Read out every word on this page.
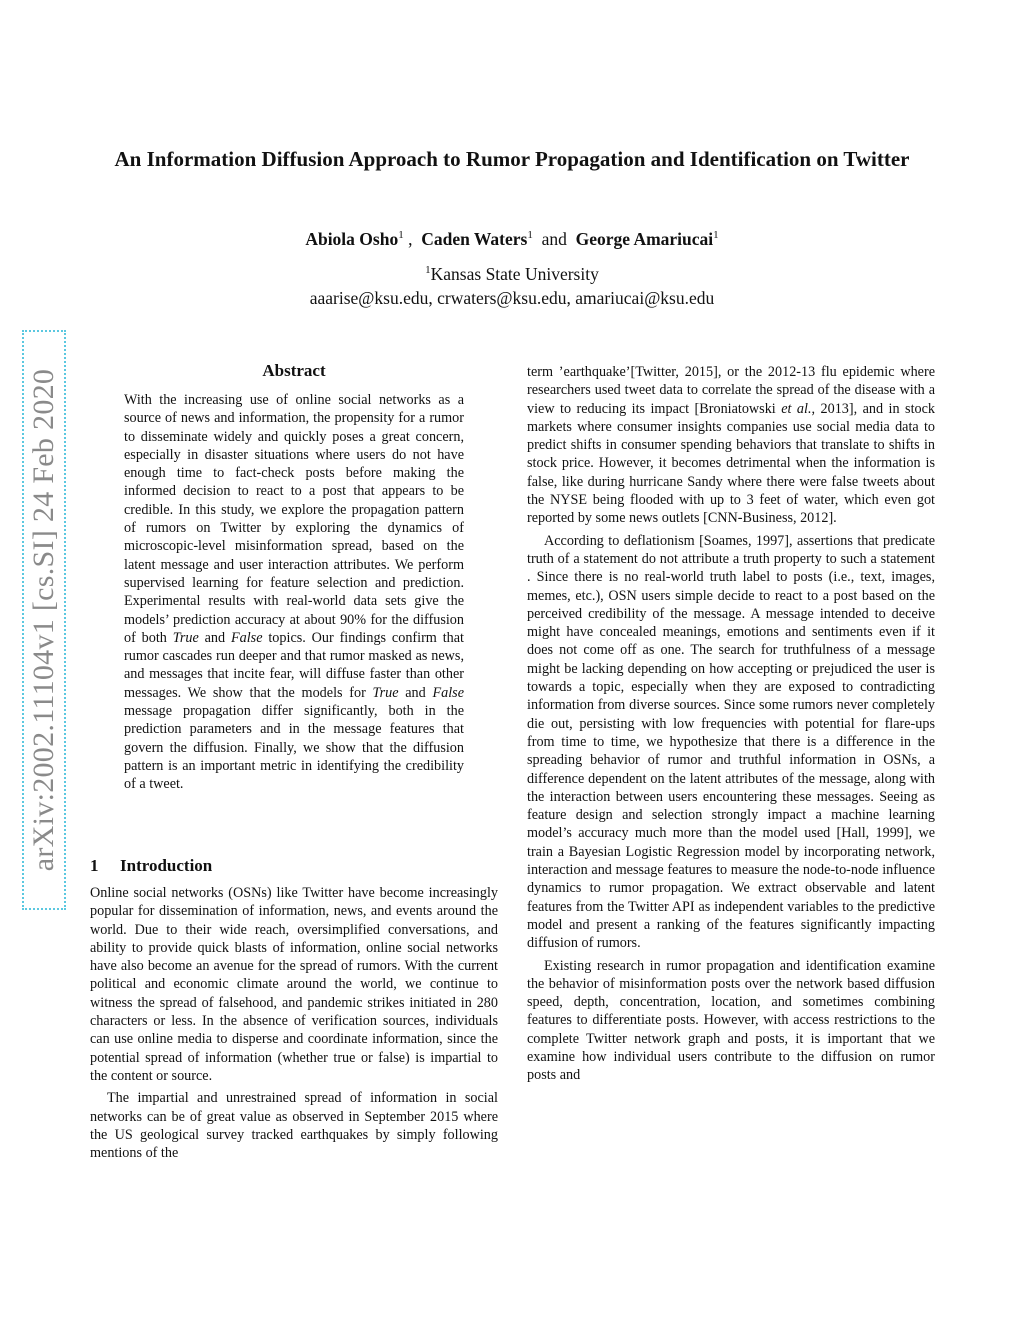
arXiv:2002.11104v1 [cs.SI] 24 Feb 2020
An Information Diffusion Approach to Rumor Propagation and Identification on Twitter
Abiola Osho$^1$ ,  Caden Waters$^1$  and  George Amariucai$^1$
$^1$Kansas State University
aaarise@ksu.edu, crwaters@ksu.edu, amariucai@ksu.edu
Abstract
With the increasing use of online social networks as a source of news and information, the propensity for a rumor to disseminate widely and quickly poses a great concern, especially in disaster situations where users do not have enough time to fact-check posts before making the informed decision to react to a post that appears to be credible. In this study, we explore the propagation pattern of rumors on Twitter by exploring the dynamics of microscopic-level misinformation spread, based on the latent message and user interaction attributes. We perform supervised learning for feature selection and prediction. Experimental results with real-world data sets give the models’ prediction accuracy at about 90% for the diffusion of both True and False topics. Our findings confirm that rumor cascades run deeper and that rumor masked as news, and messages that incite fear, will diffuse faster than other messages. We show that the models for True and False message propagation differ significantly, both in the prediction parameters and in the message features that govern the diffusion. Finally, we show that the diffusion pattern is an important metric in identifying the credibility of a tweet.
1 Introduction

Online social networks (OSNs) like Twitter have become increasingly popular for dissemination of information, news, and events around the world. Due to their wide reach, oversimplified conversations, and ability to provide quick blasts of information, online social networks have also become an avenue for the spread of rumors. With the current political and economic climate around the world, we continue to witness the spread of falsehood, and pandemic strikes initiated in 280 characters or less. In the absence of verification sources, individuals can use online media to disperse and coordinate information, since the potential spread of information (whether true or false) is impartial to the content or source.

The impartial and unrestrained spread of information in social networks can be of great value as observed in September 2015 where the US geological survey tracked earthquakes by simply following mentions of the

term ’earthquake’[Twitter, 2015], or the 2012-13 flu epidemic where researchers used tweet data to correlate the spread of the disease with a view to reducing its impact [Broniatowski et al., 2013], and in stock markets where consumer insights companies use social media data to predict shifts in consumer spending behaviors that translate to shifts in stock price. However, it becomes detrimental when the information is false, like during hurricane Sandy where there were false tweets about the NYSE being flooded with up to 3 feet of water, which even got reported by some news outlets [CNN-Business, 2012].

According to deflationism [Soames, 1997], assertions that predicate truth of a statement do not attribute a truth property to such a statement . Since there is no real-world truth label to posts (i.e., text, images, memes, etc.), OSN users simple decide to react to a post based on the perceived credibility of the message. A message intended to deceive might have concealed meanings, emotions and sentiments even if it does not come off as one. The search for truthfulness of a message might be lacking depending on how accepting or prejudiced the user is towards a topic, especially when they are exposed to contradicting information from diverse sources. Since some rumors never completely die out, persisting with low frequencies with potential for flare-ups from time to time, we hypothesize that there is a difference in the spreading behavior of rumor and truthful information in OSNs, a difference dependent on the latent attributes of the message, along with the interaction between users encountering these messages. Seeing as feature design and selection strongly impact a machine learning model’s accuracy much more than the model used [Hall, 1999], we train a Bayesian Logistic Regression model by incorporating network, interaction and message features to measure the node-to-node influence dynamics to rumor propagation. We extract observable and latent features from the Twitter API as independent variables to the predictive model and present a ranking of the features significantly impacting diffusion of rumors.

Existing research in rumor propagation and identification examine the behavior of misinformation posts over the network based diffusion speed, depth, concentration, location, and sometimes combining features to differentiate posts. However, with access restrictions to the complete Twitter network graph and posts, it is important that we examine how individual users contribute to the diffusion on rumor posts and
